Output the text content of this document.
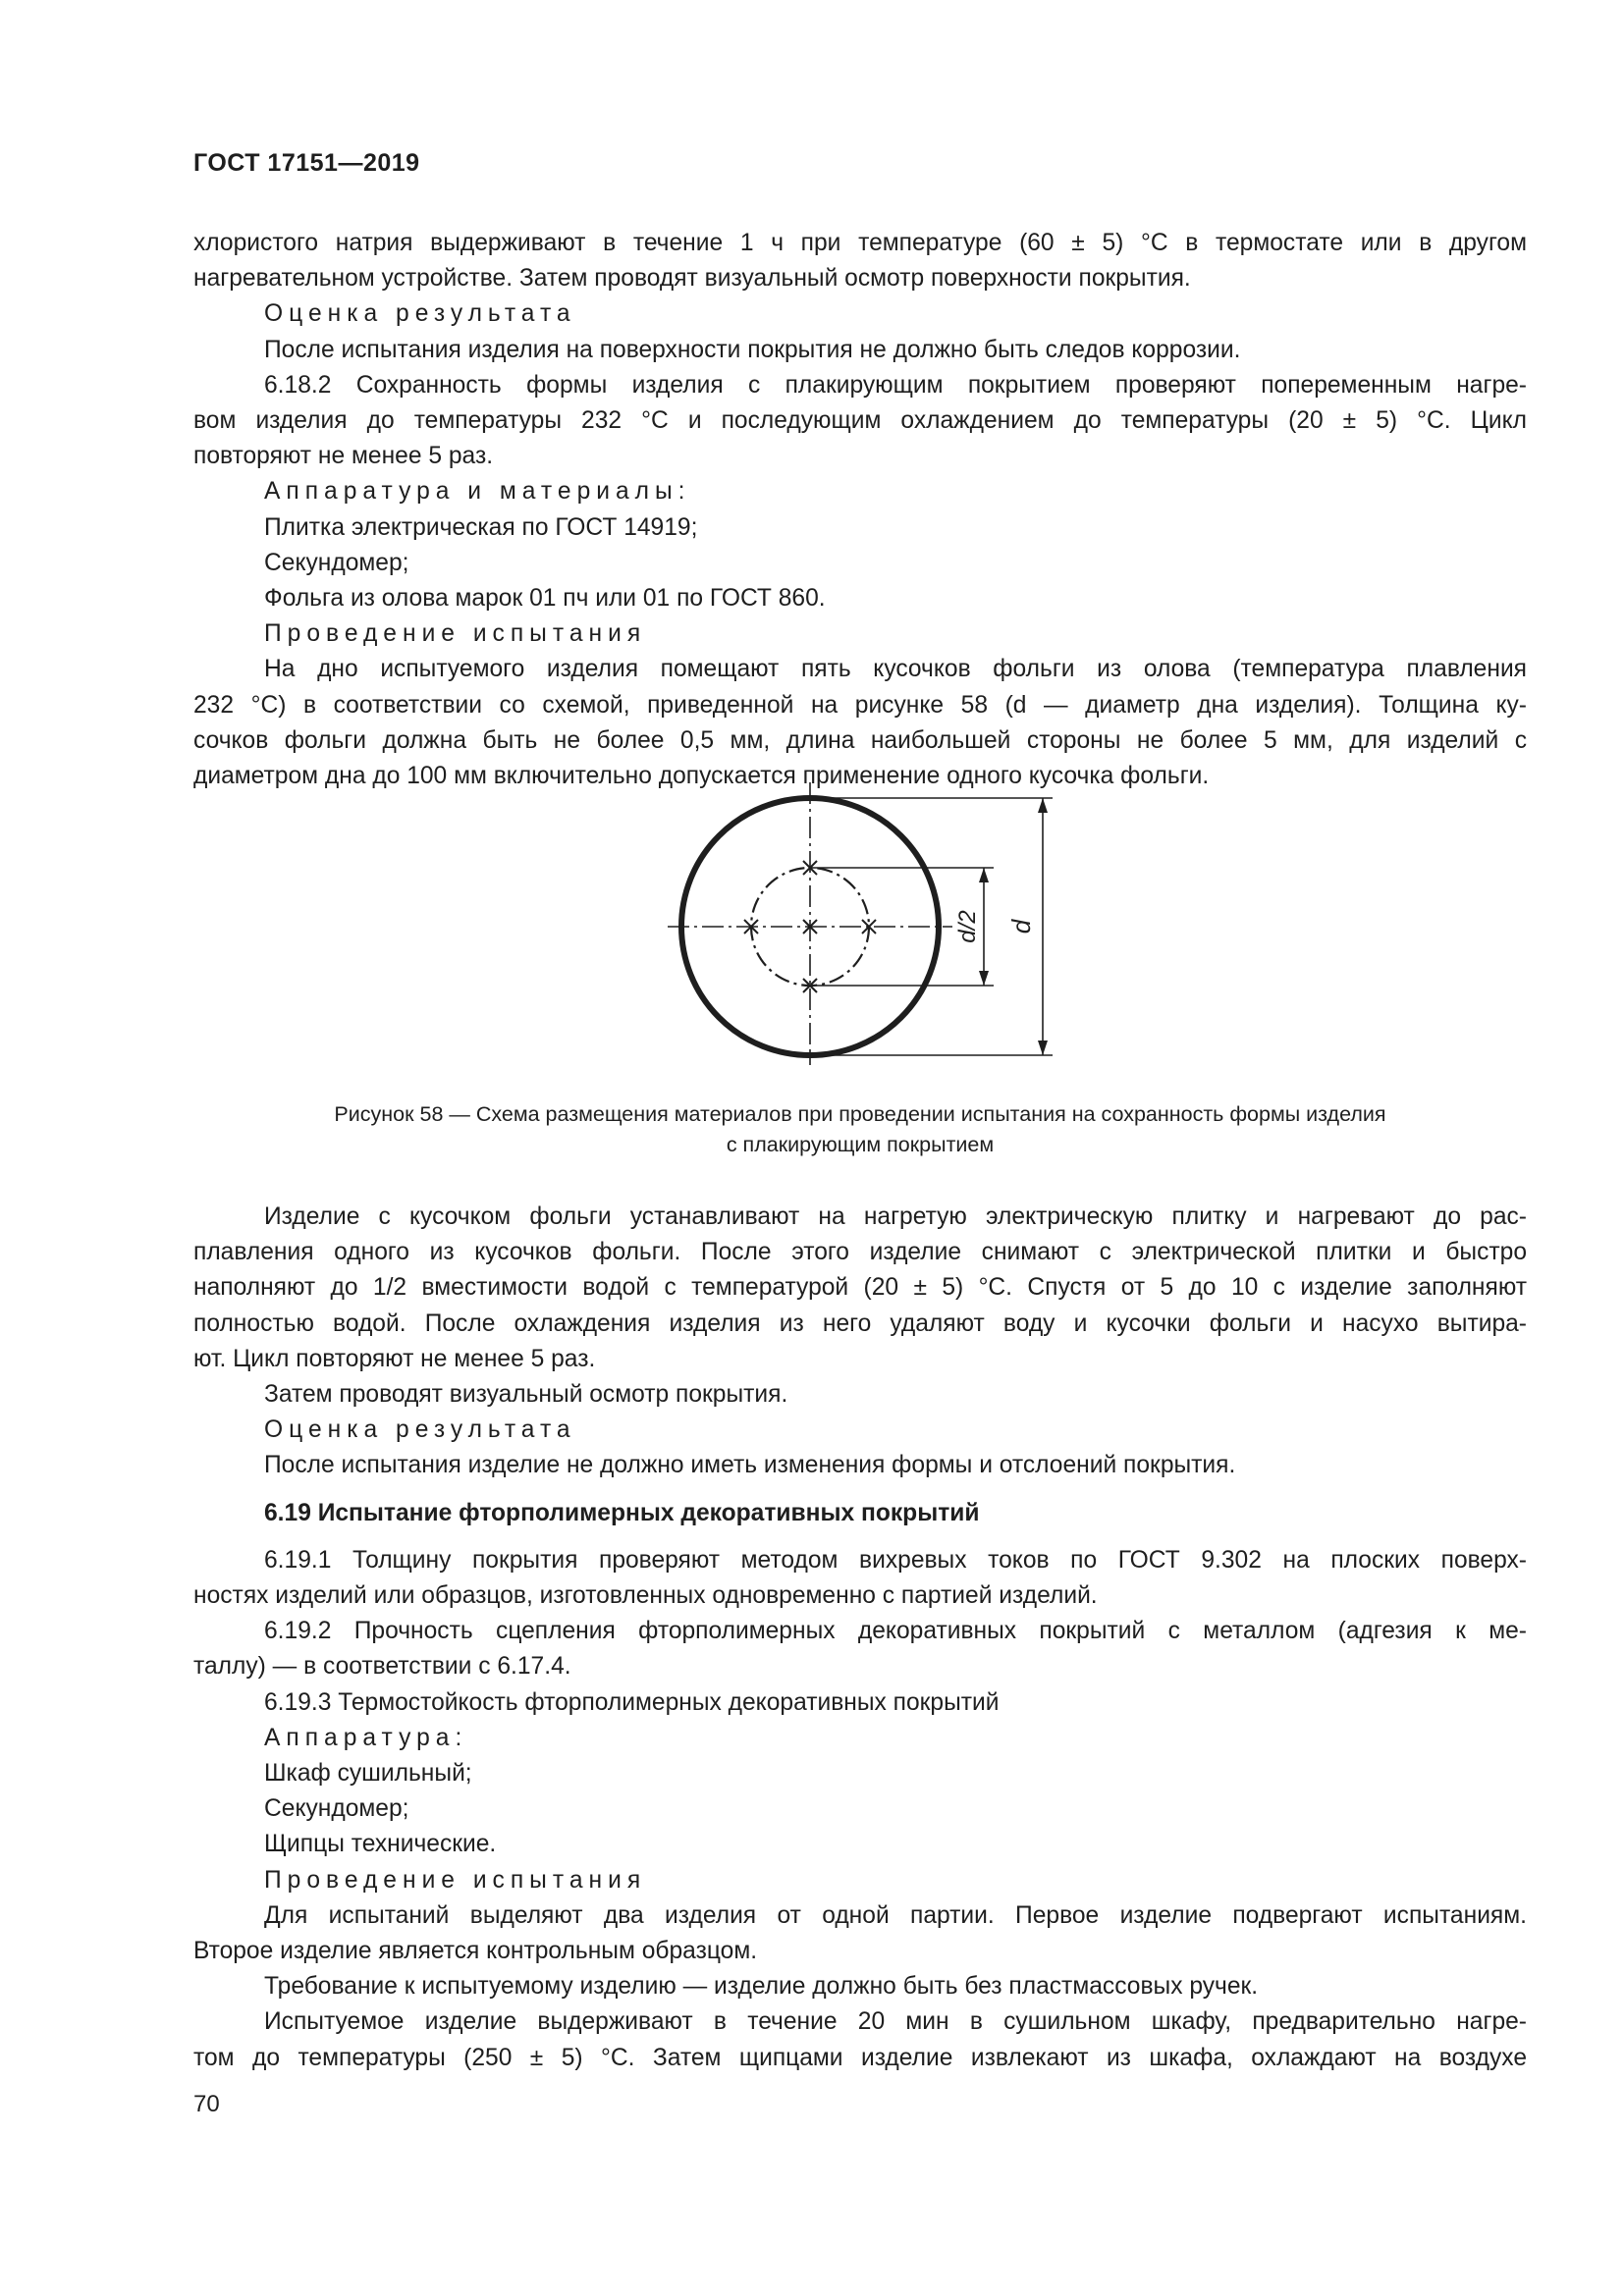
ГОСТ 17151—2019

хлористого натрия выдерживают в течение 1 ч при температуре (60 ± 5) °C в термостате или в другом

нагревательном устройстве. Затем проводят визуальный осмотр поверхности покрытия.

Оценка результата

После испытания изделия на поверхности покрытия не должно быть следов коррозии.

6.18.2 Сохранность формы изделия с плакирующим покрытием проверяют попеременным нагре-

вом изделия до температуры 232 °C и последующим охлаждением до температуры (20 ± 5) °C. Цикл

повторяют не менее 5 раз.

Аппаратура и материалы:

Плитка электрическая по ГОСТ 14919;

Секундомер;

Фольга из олова марок 01 пч или 01 по ГОСТ 860.

Проведение испытания

На дно испытуемого изделия помещают пять кусочков фольги из олова (температура плавления

232 °C) в соответствии со схемой, приведенной на рисунке 58 (d — диаметр дна изделия). Толщина ку-

сочков фольги должна быть не более 0,5 мм, длина наибольшей стороны не более 5 мм, для изделий с

диаметром дна до 100 мм включительно допускается применение одного кусочка фольги.

d/2 d
Рисунок 58 — Схема размещения материалов при проведении испытания на сохранность формы изделия
с плакирующим покрытием

Изделие с кусочком фольги устанавливают на нагретую электрическую плитку и нагревают до рас-

плавления одного из кусочков фольги. После этого изделие снимают с электрической плитки и быстро

наполняют до 1/2 вместимости водой с температурой (20 ± 5) °C. Спустя от 5 до 10 с изделие заполняют

полностью водой. После охлаждения изделия из него удаляют воду и кусочки фольги и насухо вытира-

ют. Цикл повторяют не менее 5 раз.

Затем проводят визуальный осмотр покрытия.

Оценка результата

После испытания изделие не должно иметь изменения формы и отслоений покрытия.

6.19 Испытание фторполимерных декоративных покрытий

6.19.1 Толщину покрытия проверяют методом вихревых токов по ГОСТ 9.302 на плоских поверх-

ностях изделий или образцов, изготовленных одновременно с партией изделий.

6.19.2 Прочность сцепления фторполимерных декоративных покрытий с металлом (адгезия к ме-

таллу) — в соответствии с 6.17.4.

6.19.3 Термостойкость фторполимерных декоративных покрытий

Аппаратура:

Шкаф сушильный;

Секундомер;

Щипцы технические.

Проведение испытания

Для испытаний выделяют два изделия от одной партии. Первое изделие подвергают испытаниям.

Второе изделие является контрольным образцом.

Требование к испытуемому изделию — изделие должно быть без пластмассовых ручек.

Испытуемое изделие выдерживают в течение 20 мин в сушильном шкафу, предварительно нагре-

том до температуры (250 ± 5) °C. Затем щипцами изделие извлекают из шкафа, охлаждают на воздухе

70
